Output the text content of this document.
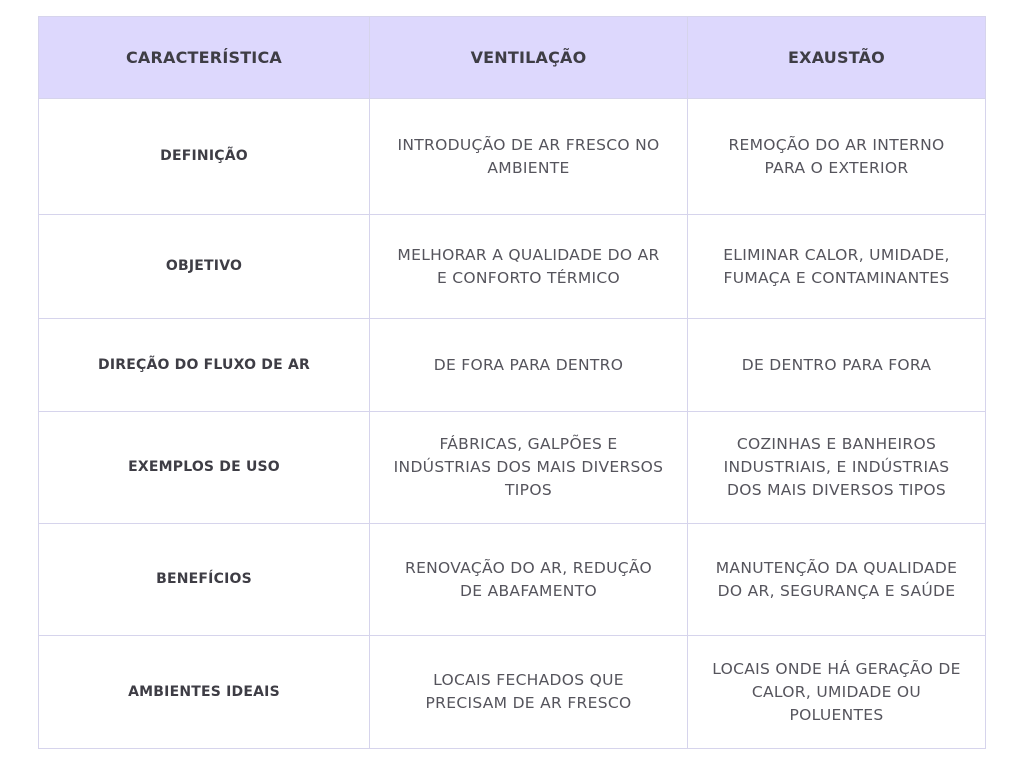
CARACTERÍSTICA	VENTILAÇÃO	EXAUSTÃO
DEFINIÇÃO	INTRODUÇÃO DE AR FRESCO NO AMBIENTE	REMOÇÃO DO AR INTERNO PARA O EXTERIOR
OBJETIVO	MELHORAR A QUALIDADE DO AR E CONFORTO TÉRMICO	ELIMINAR CALOR, UMIDADE, FUMAÇA E CONTAMINANTES
DIREÇÃO DO FLUXO DE AR	DE FORA PARA DENTRO	DE DENTRO PARA FORA
EXEMPLOS DE USO	FÁBRICAS, GALPÕES E INDÚSTRIAS DOS MAIS DIVERSOS TIPOS	COZINHAS E BANHEIROS INDUSTRIAIS, E INDÚSTRIAS DOS MAIS DIVERSOS TIPOS
BENEFÍCIOS	RENOVAÇÃO DO AR, REDUÇÃO DE ABAFAMENTO	MANUTENÇÃO DA QUALIDADE DO AR, SEGURANÇA E SAÚDE
AMBIENTES IDEAIS	LOCAIS FECHADOS QUE PRECISAM DE AR FRESCO	LOCAIS ONDE HÁ GERAÇÃO DE CALOR, UMIDADE OU POLUENTES
